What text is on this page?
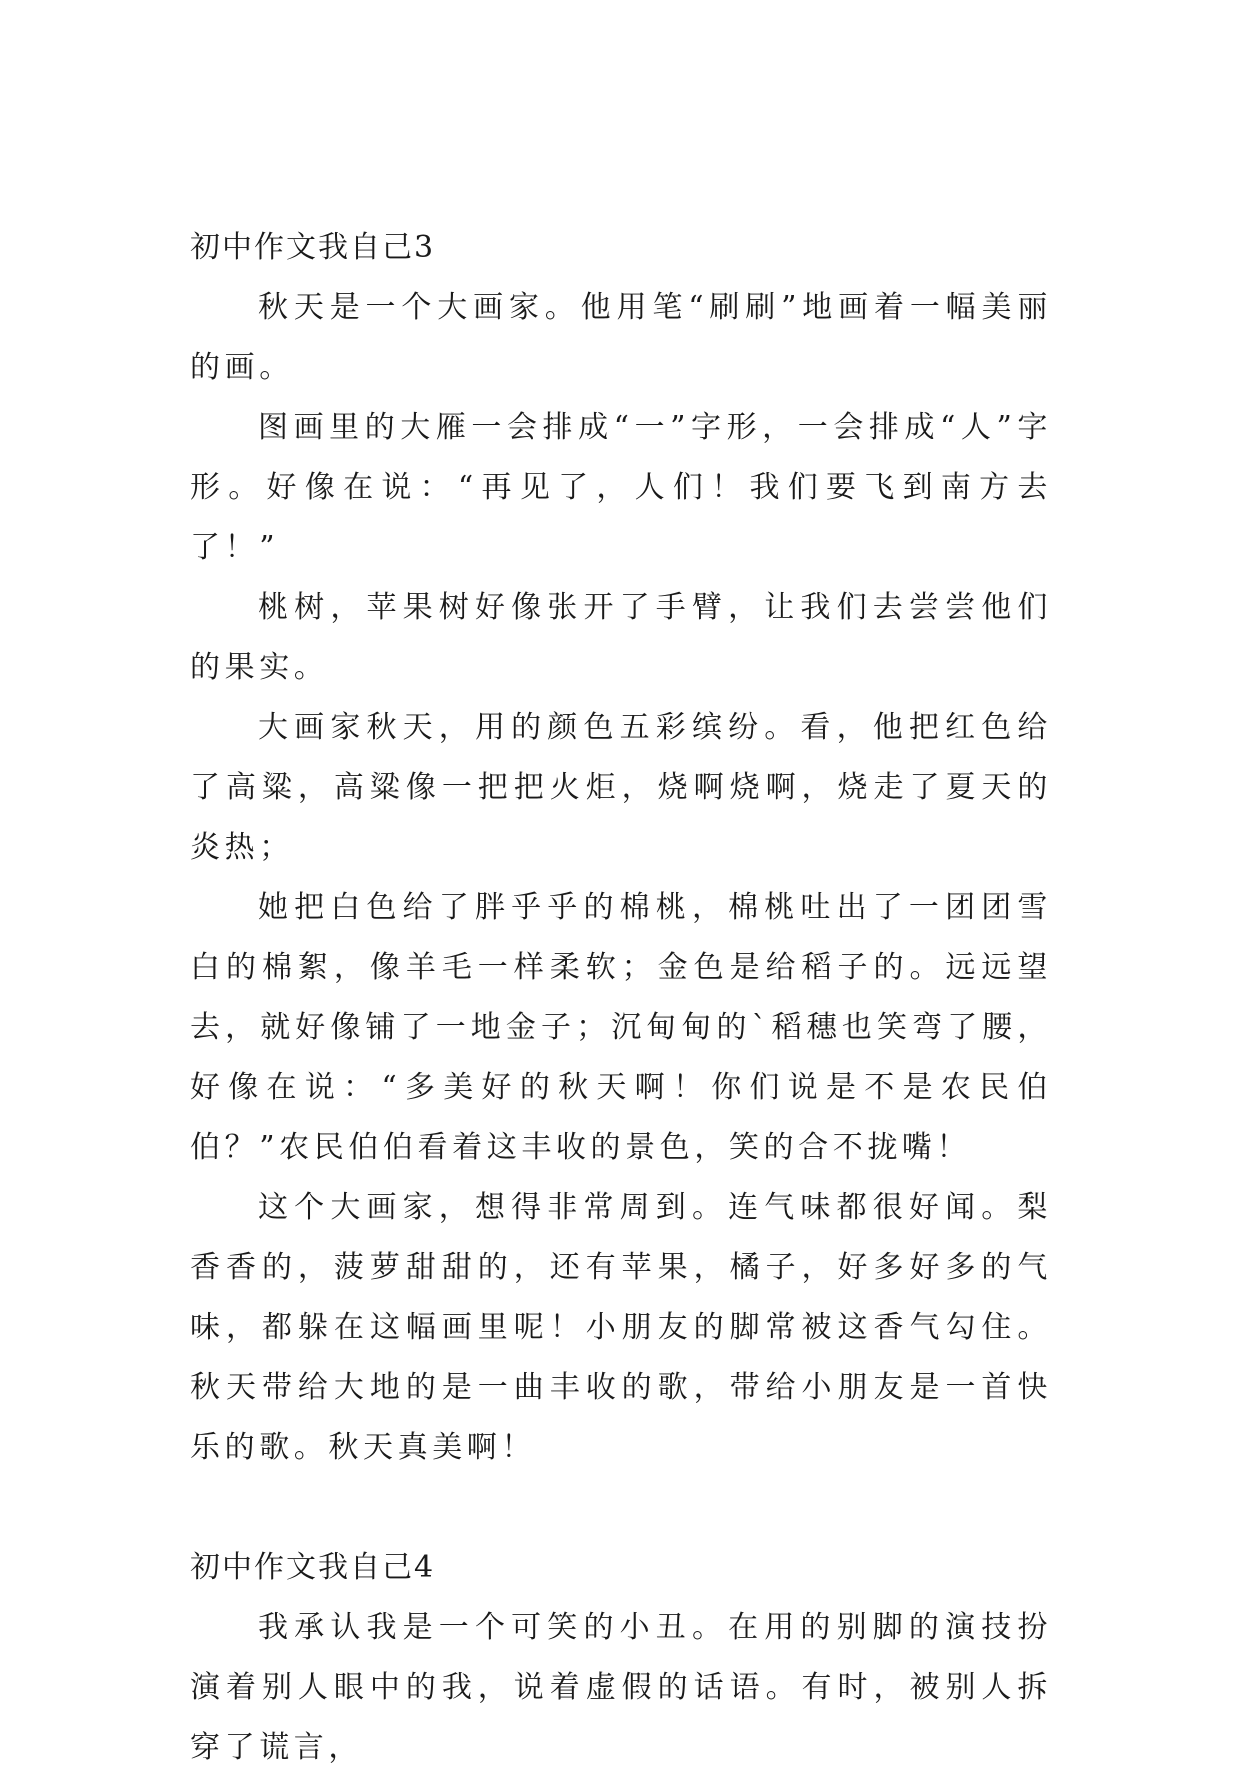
初中作文我自己3

秋天是一个大画家。他用笔“刷刷”地画着一幅美丽的画。

图画里的大雁一会排成“一”字形，一会排成“人”字形。好像在说：“再见了，人们！我们要飞到南方去了！”

桃树，苹果树好像张开了手臂，让我们去尝尝他们的果实。

大画家秋天，用的颜色五彩缤纷。看，他把红色给了高粱，高粱像一把把火炬，烧啊烧啊，烧走了夏天的炎热；

她把白色给了胖乎乎的棉桃，棉桃吐出了一团团雪白的棉絮，像羊毛一样柔软；金色是给稻子的。远远望去，就好像铺了一地金子；沉甸甸的`稻穗也笑弯了腰，好像在说：“多美好的秋天啊！你们说是不是农民伯伯？”农民伯伯看着这丰收的景色，笑的合不拢嘴！

这个大画家，想得非常周到。连气味都很好闻。梨香香的，菠萝甜甜的，还有苹果，橘子，好多好多的气味，都躲在这幅画里呢！小朋友的脚常被这香气勾住。秋天带给大地的是一曲丰收的歌，带给小朋友是一首快乐的歌。秋天真美啊！

初中作文我自己4

我承认我是一个可笑的小丑。在用的别脚的演技扮演着别人眼中的我，说着虚假的话语。有时，被别人拆穿了谎言，
